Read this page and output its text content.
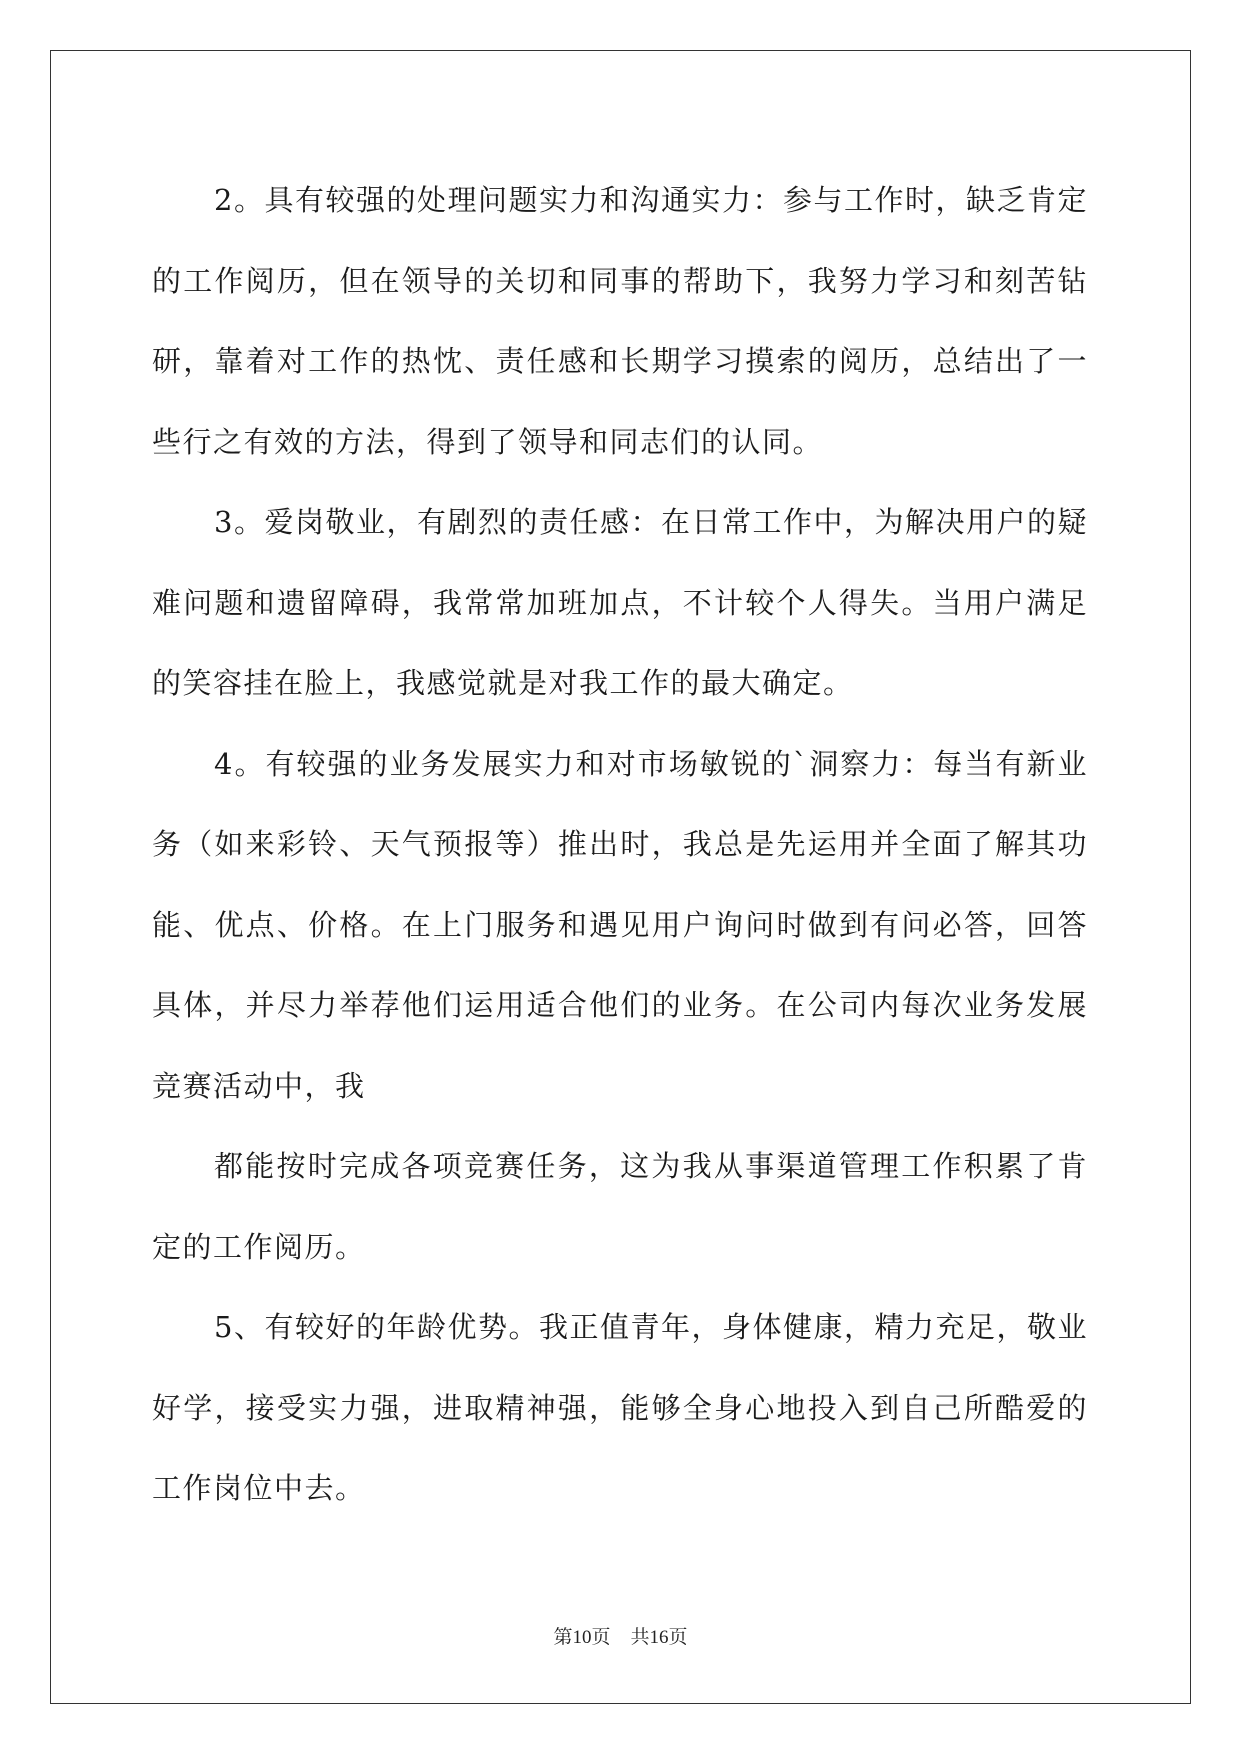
2。具有较强的处理问题实力和沟通实力：参与工作时，缺乏肯定的工作阅历，但在领导的关切和同事的帮助下，我努力学习和刻苦钻研，靠着对工作的热忱、责任感和长期学习摸索的阅历，总结出了一些行之有效的方法，得到了领导和同志们的认同。

3。爱岗敬业，有剧烈的责任感：在日常工作中，为解决用户的疑难问题和遗留障碍，我常常加班加点，不计较个人得失。当用户满足的笑容挂在脸上，我感觉就是对我工作的最大确定。

4。有较强的业务发展实力和对市场敏锐的`洞察力：每当有新业务（如来彩铃、天气预报等）推出时，我总是先运用并全面了解其功能、优点、价格。在上门服务和遇见用户询问时做到有问必答，回答具体，并尽力举荐他们运用适合他们的业务。在公司内每次业务发展竞赛活动中，我

都能按时完成各项竞赛任务，这为我从事渠道管理工作积累了肯定的工作阅历。

5、有较好的年龄优势。我正值青年，身体健康，精力充足，敬业好学，接受实力强，进取精神强，能够全身心地投入到自己所酷爱的工作岗位中去。

第10页 共16页
